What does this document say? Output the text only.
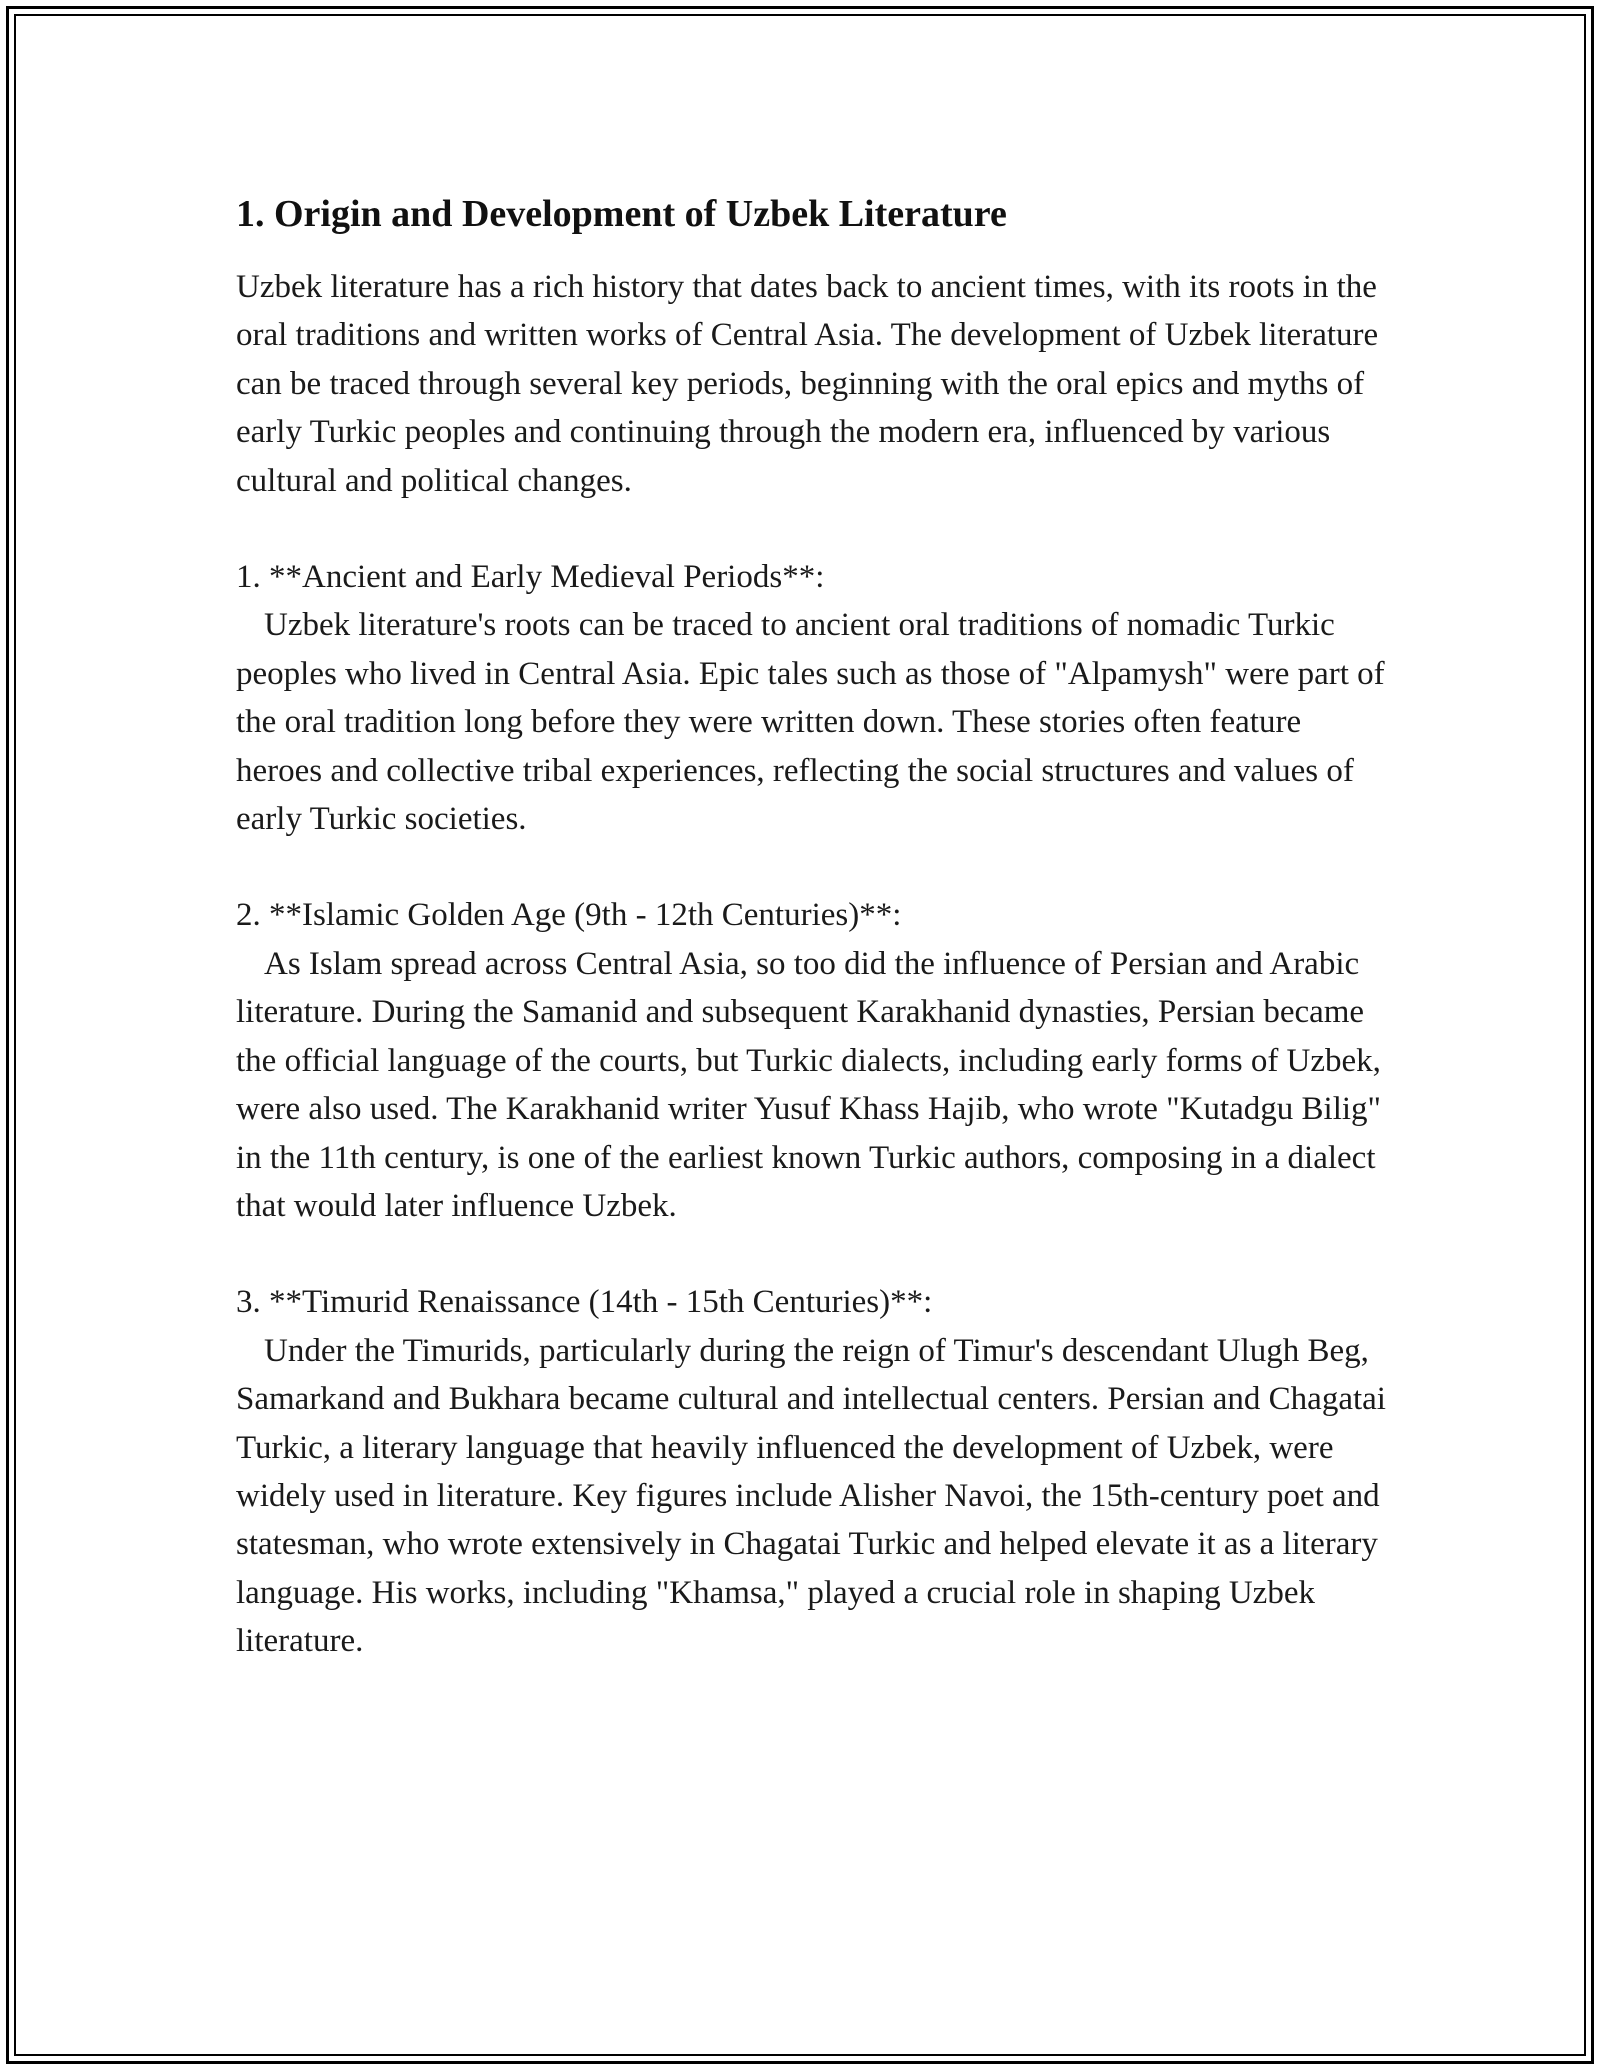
1. Origin and Development of Uzbek Literature

Uzbek literature has a rich history that dates back to ancient times, with its roots in the oral traditions and written works of Central Asia. The development of Uzbek literature can be traced through several key periods, beginning with the oral epics and myths of early Turkic peoples and continuing through the modern era, influenced by various cultural and political changes.

1. **Ancient and Early Medieval Periods**:

Uzbek literature's roots can be traced to ancient oral traditions of nomadic Turkic peoples who lived in Central Asia. Epic tales such as those of "Alpamysh" were part of the oral tradition long before they were written down. These stories often feature heroes and collective tribal experiences, reflecting the social structures and values of early Turkic societies.

2. **Islamic Golden Age (9th - 12th Centuries)**:

As Islam spread across Central Asia, so too did the influence of Persian and Arabic literature. During the Samanid and subsequent Karakhanid dynasties, Persian became the official language of the courts, but Turkic dialects, including early forms of Uzbek, were also used. The Karakhanid writer Yusuf Khass Hajib, who wrote "Kutadgu Bilig" in the 11th century, is one of the earliest known Turkic authors, composing in a dialect that would later influence Uzbek.

3. **Timurid Renaissance (14th - 15th Centuries)**:

Under the Timurids, particularly during the reign of Timur's descendant Ulugh Beg, Samarkand and Bukhara became cultural and intellectual centers. Persian and Chagatai Turkic, a literary language that heavily influenced the development of Uzbek, were widely used in literature. Key figures include Alisher Navoi, the 15th-century poet and statesman, who wrote extensively in Chagatai Turkic and helped elevate it as a literary language. His works, including "Khamsa," played a crucial role in shaping Uzbek literature.
